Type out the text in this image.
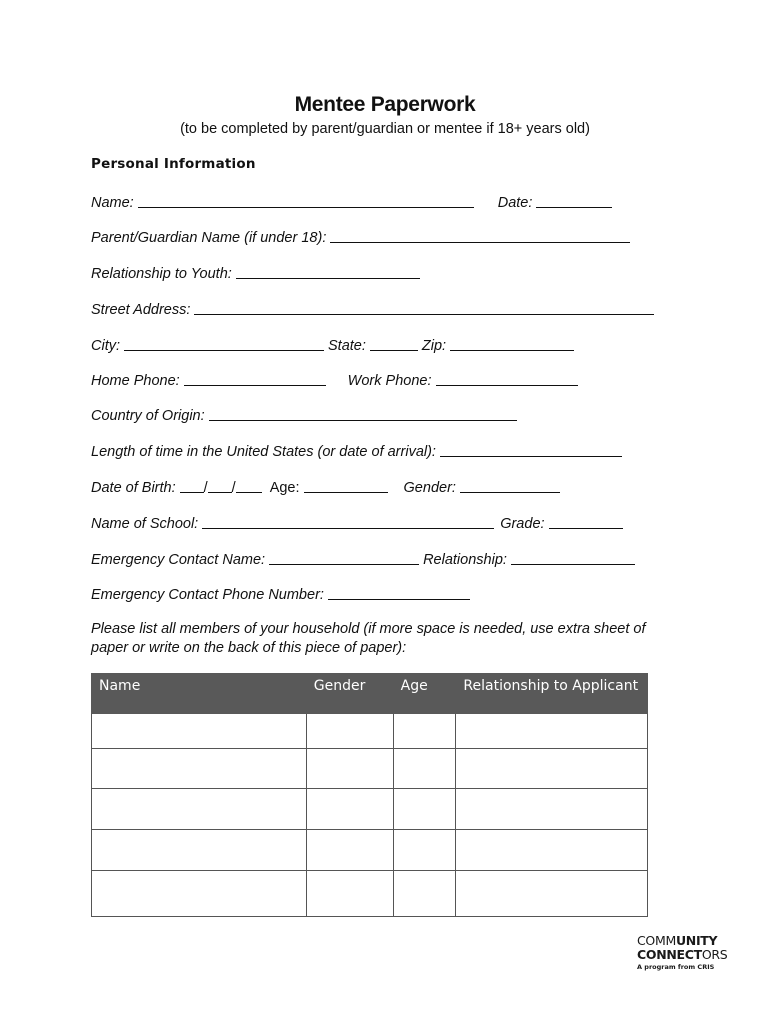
Mentee Paperwork
(to be completed by parent/guardian or mentee if 18+ years old)
Personal Information
Name:	Date:
Parent/Guardian Name (if under 18):
Relationship to Youth:
Street Address:
City:	State:	Zip:
Home Phone:	Work Phone:
Country of Origin:
Length of time in the United States (or date of arrival):
Date of Birth: / / Age:	Gender:
Name of School:	Grade:
Emergency Contact Name:	Relationship:
Emergency Contact Phone Number:
Please list all members of your household (if more space is needed, use extra sheet of paper or write on the back of this piece of paper):
Name	Gender	Age	Relationship to Applicant

COMMUNITY
CONNECTORS
A program from CRIS
